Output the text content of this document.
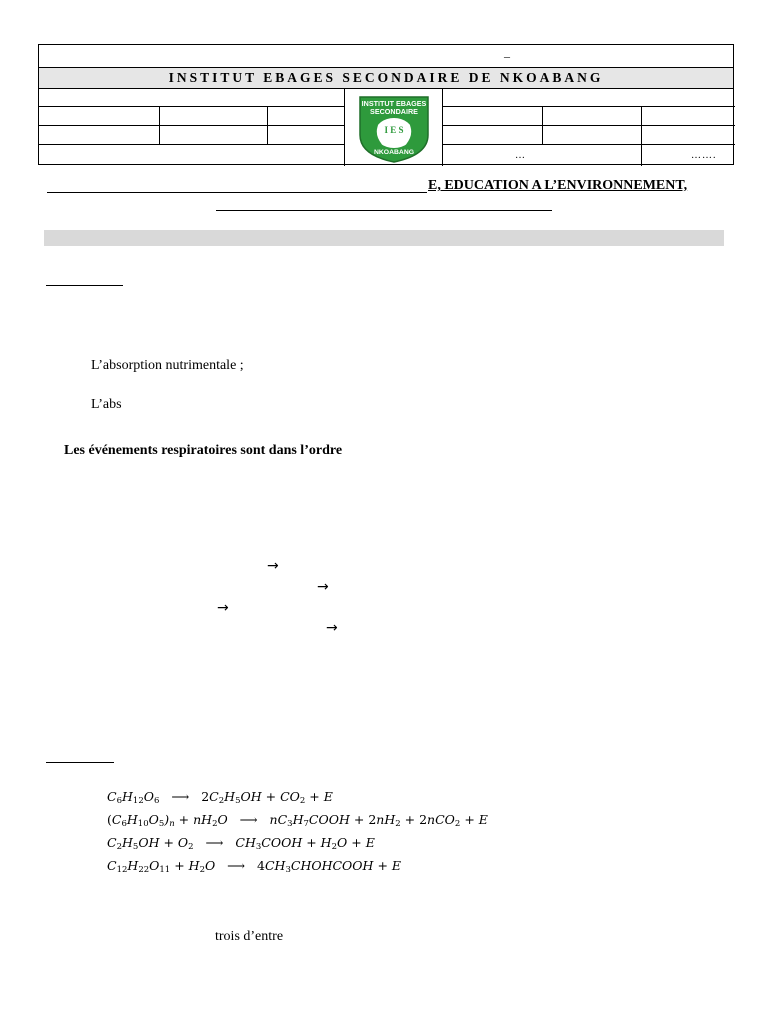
–
INSTITUT EBAGES SECONDAIRE DE NKOABANG
…	…….
INSTITUT EBAGES
SECONDAIRE
I E S
NKOABANG
E, EDUCATION A L’ENVIRONNEMENT,
L’absorption nutrimentale ;
L’abs
Les événements respiratoires sont dans l’ordre
→
→
→
→
$C_6H_{12}O_6$   ⟶   $2C_2H_5OH + CO_2 + E$
$(C_6H_{10}O_5)_n + nH_2O$   ⟶   $nC_3H_7COOH + 2nH_2 + 2nCO_2 + E$
$C_2H_5OH + O_2$   ⟶   $CH_3COOH + H_2O + E$
$C_{12}H_{22}O_{11} + H_2O$   ⟶   $4CH_3CHOHCOOH + E$
trois d’entre
